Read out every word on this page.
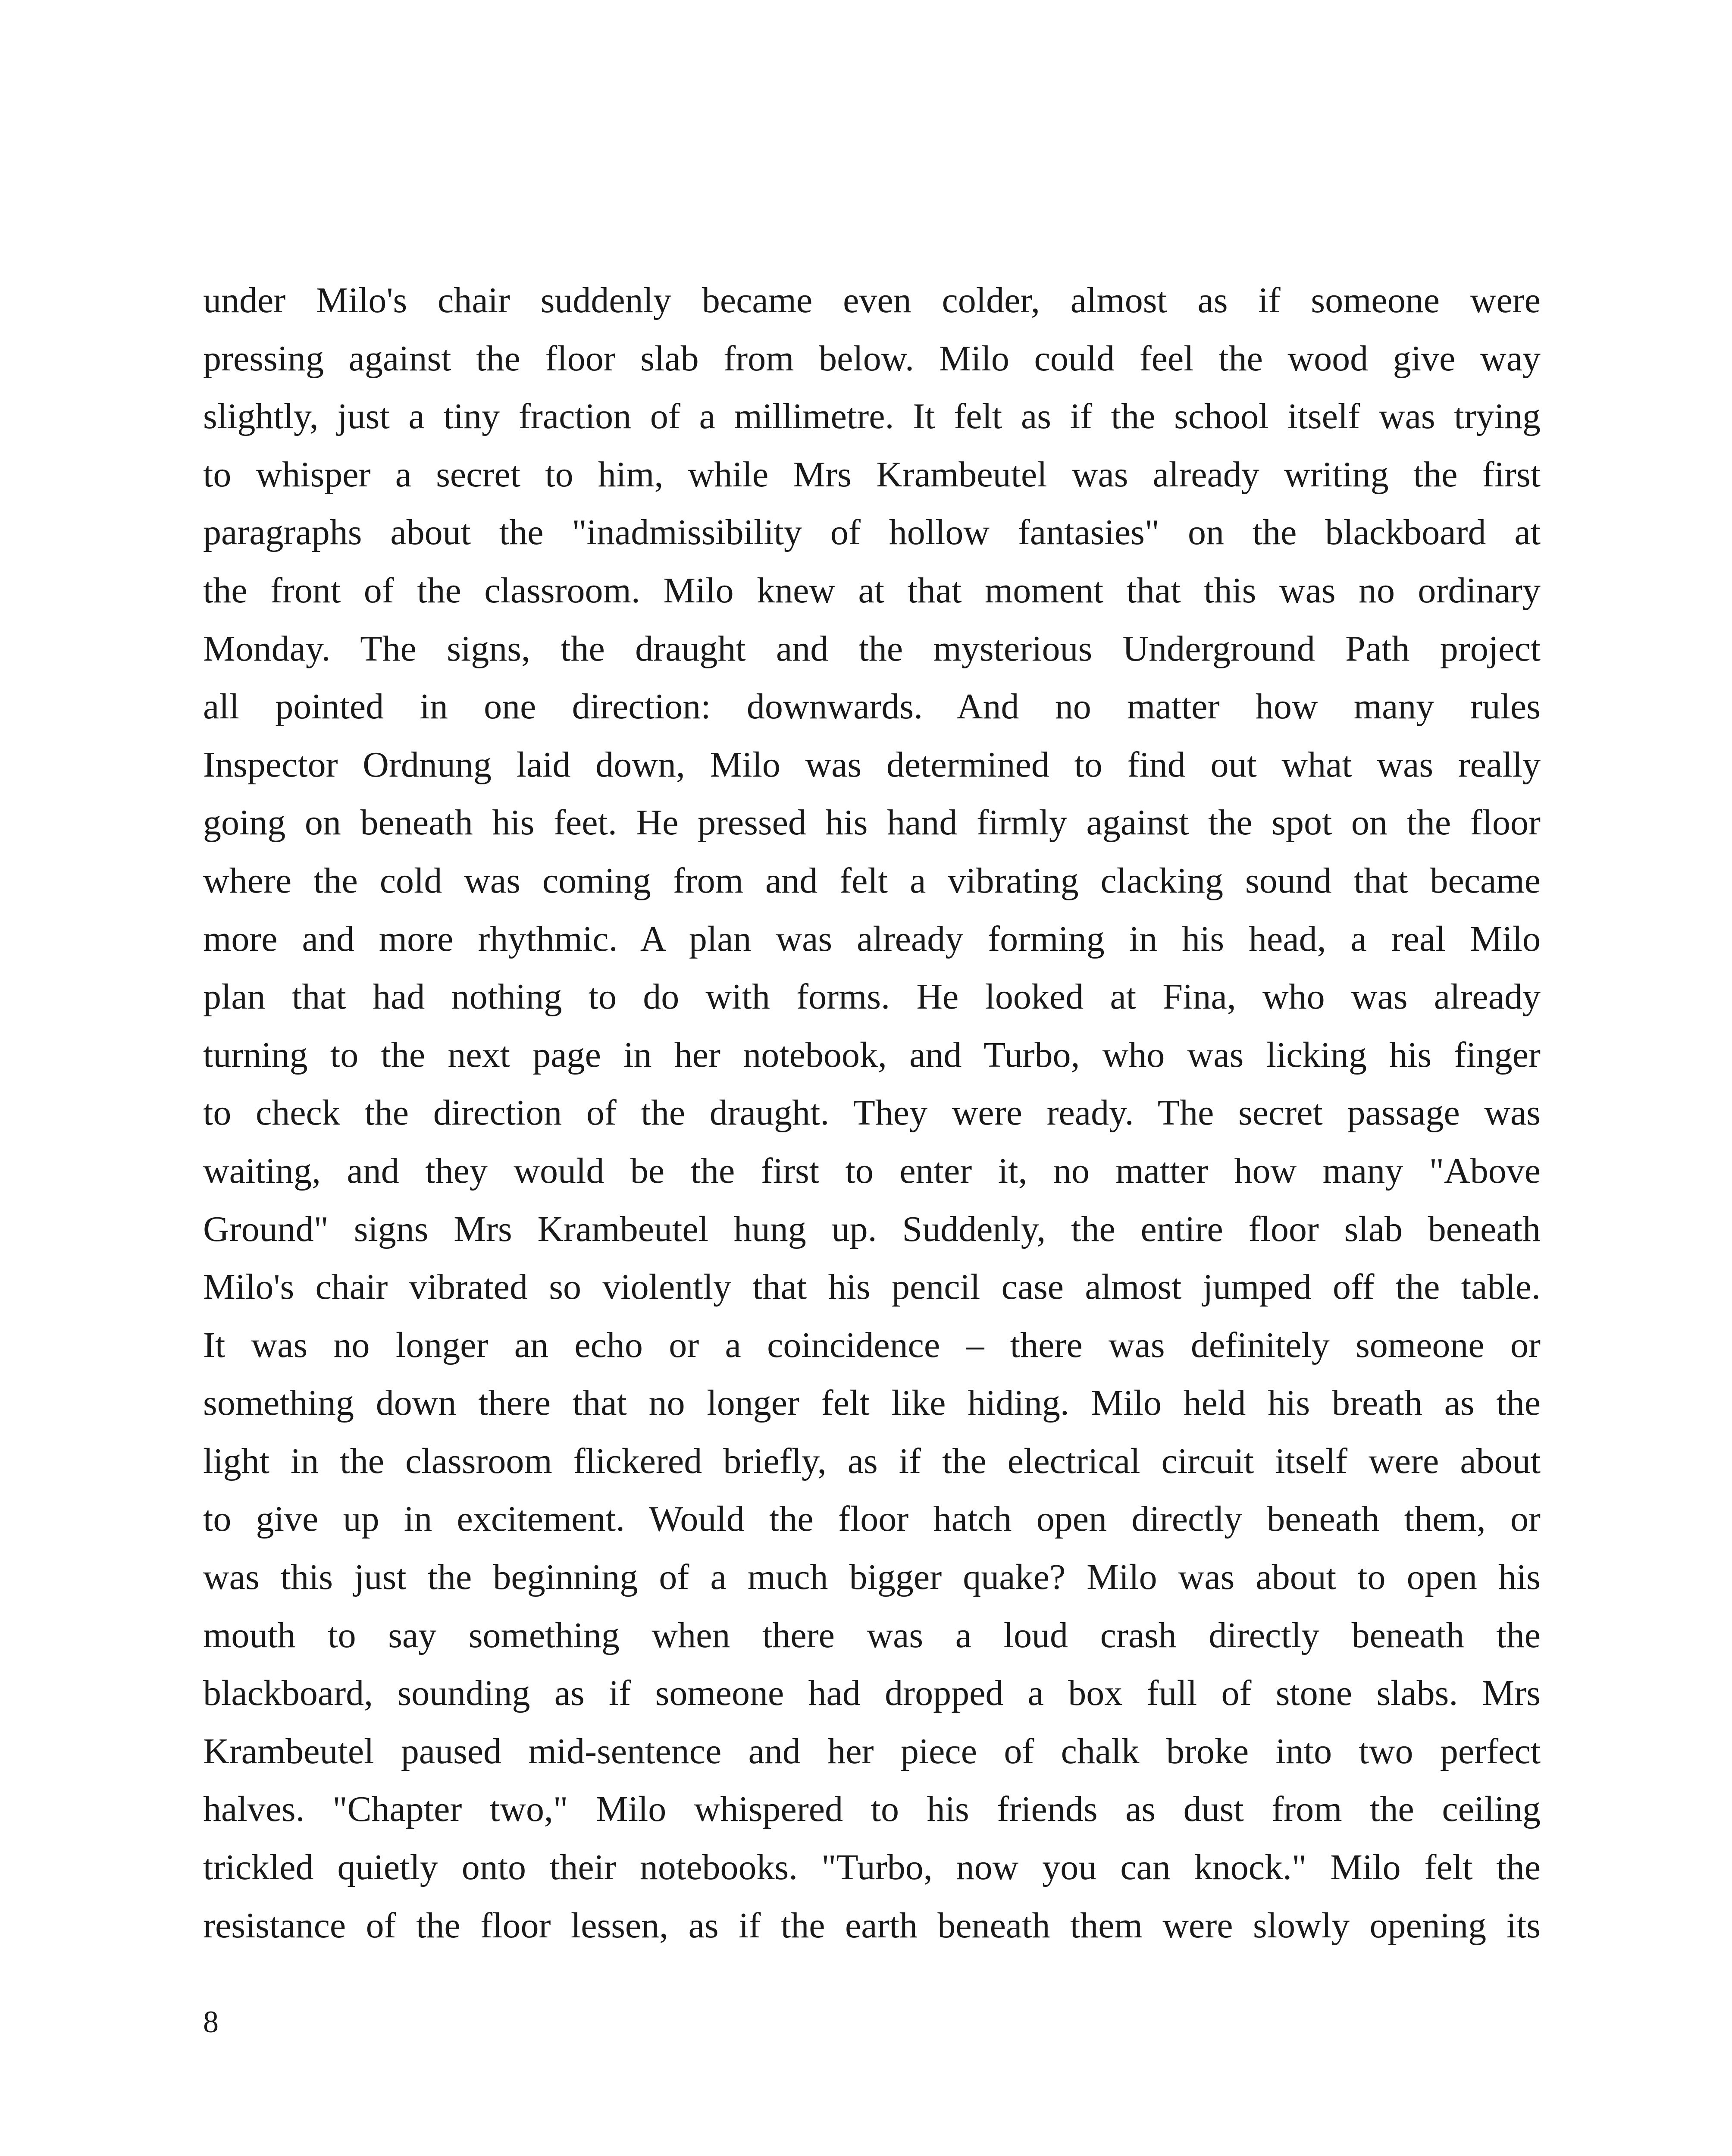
under Milo's chair suddenly became even colder, almost as if someone were
pressing against the floor slab from below. Milo could feel the wood give way
slightly, just a tiny fraction of a millimetre. It felt as if the school itself was trying
to whisper a secret to him, while Mrs Krambeutel was already writing the first
paragraphs about the "inadmissibility of hollow fantasies" on the blackboard at
the front of the classroom. Milo knew at that moment that this was no ordinary
Monday. The signs, the draught and the mysterious Underground Path project
all pointed in one direction: downwards. And no matter how many rules
Inspector Ordnung laid down, Milo was determined to find out what was really
going on beneath his feet. He pressed his hand firmly against the spot on the floor
where the cold was coming from and felt a vibrating clacking sound that became
more and more rhythmic. A plan was already forming in his head, a real Milo
plan that had nothing to do with forms. He looked at Fina, who was already
turning to the next page in her notebook, and Turbo, who was licking his finger
to check the direction of the draught. They were ready. The secret passage was
waiting, and they would be the first to enter it, no matter how many "Above
Ground" signs Mrs Krambeutel hung up. Suddenly, the entire floor slab beneath
Milo's chair vibrated so violently that his pencil case almost jumped off the table.
It was no longer an echo or a coincidence – there was definitely someone or
something down there that no longer felt like hiding. Milo held his breath as the
light in the classroom flickered briefly, as if the electrical circuit itself were about
to give up in excitement. Would the floor hatch open directly beneath them, or
was this just the beginning of a much bigger quake? Milo was about to open his
mouth to say something when there was a loud crash directly beneath the
blackboard, sounding as if someone had dropped a box full of stone slabs. Mrs
Krambeutel paused mid-sentence and her piece of chalk broke into two perfect
halves. "Chapter two," Milo whispered to his friends as dust from the ceiling
trickled quietly onto their notebooks. "Turbo, now you can knock." Milo felt the
resistance of the floor lessen, as if the earth beneath them were slowly opening its
8
